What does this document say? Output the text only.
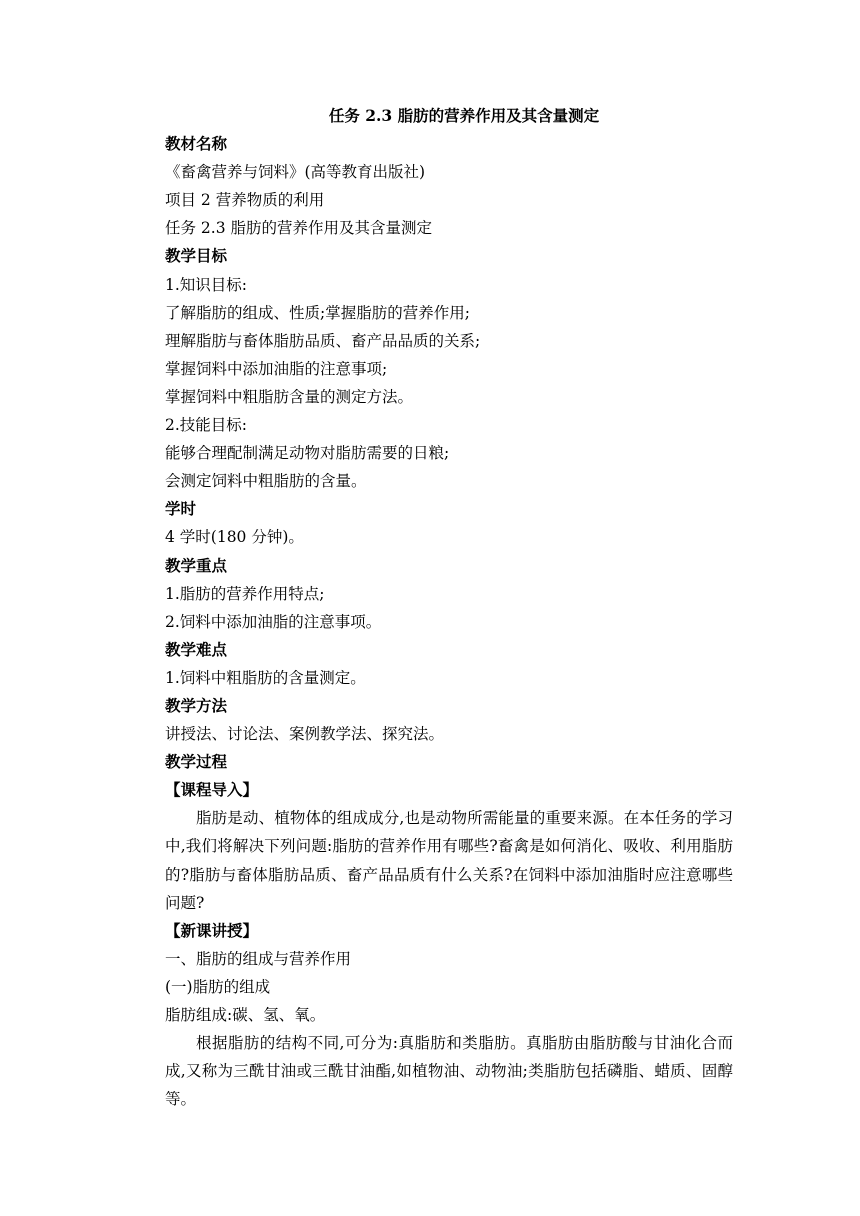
任务 2.3 脂肪的营养作用及其含量测定

教材名称

《畜禽营养与饲料》(高等教育出版社)

项目 2 营养物质的利用

任务 2.3 脂肪的营养作用及其含量测定

教学目标

1.知识目标:

了解脂肪的组成、性质;掌握脂肪的营养作用;

理解脂肪与畜体脂肪品质、畜产品品质的关系;

掌握饲料中添加油脂的注意事项;

掌握饲料中粗脂肪含量的测定方法。

2.技能目标:

能够合理配制满足动物对脂肪需要的日粮;

会测定饲料中粗脂肪的含量。

学时

4 学时(180 分钟)。

教学重点

1.脂肪的营养作用特点;

2.饲料中添加油脂的注意事项。

教学难点

1.饲料中粗脂肪的含量测定。

教学方法

讲授法、讨论法、案例教学法、探究法。

教学过程

【课程导入】

脂肪是动、植物体的组成成分,也是动物所需能量的重要来源。在本任务的学习中,我们将解决下列问题:脂肪的营养作用有哪些?畜禽是如何消化、吸收、利用脂肪的?脂肪与畜体脂肪品质、畜产品品质有什么关系?在饲料中添加油脂时应注意哪些问题?

【新课讲授】

一、脂肪的组成与营养作用

(一)脂肪的组成

脂肪组成:碳、氢、氧。

根据脂肪的结构不同,可分为:真脂肪和类脂肪。真脂肪由脂肪酸与甘油化合而成,又称为三酰甘油或三酰甘油酯,如植物油、动物油;类脂肪包括磷脂、蜡质、固醇等。
